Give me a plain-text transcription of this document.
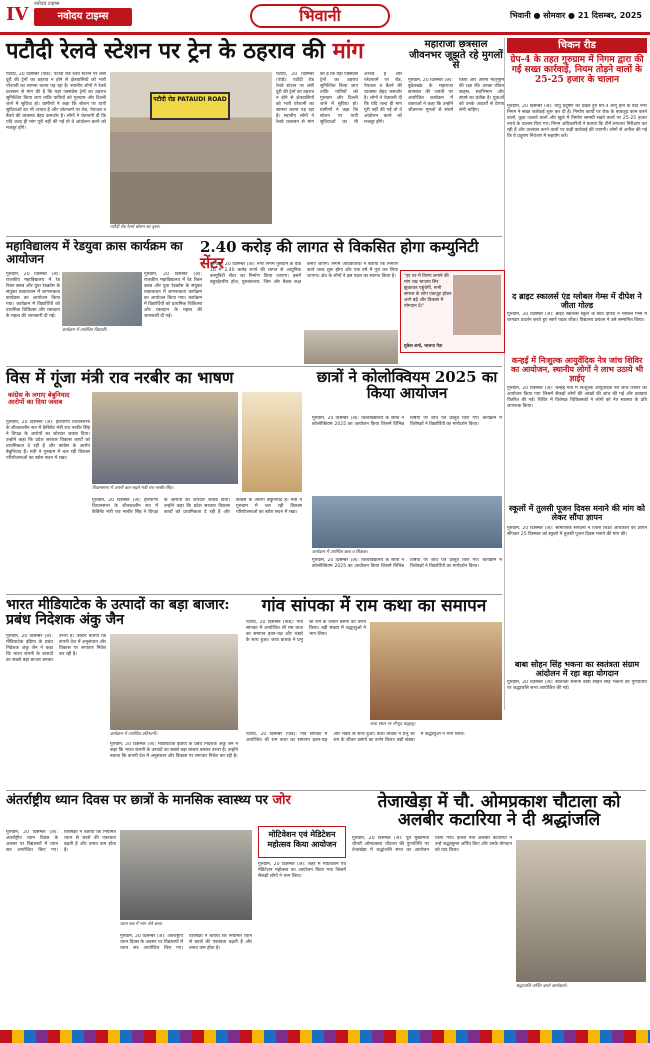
IV नवोदय टाइम्स
नवोदय टाइम्स	भिवानी	भिवानी ● सोमवार ● 21 दिसम्बर, 2025
पटौदी रेलवे स्टेशन पर ट्रेन के ठहराव की मांग
पटौदी, 20 दिसम्बर (पांडे): पटौदी रोड रेलवे स्टेशन पर लंबी दूरी की ट्रेनों का ठहराव न होने से क्षेत्रवासियों को भारी परेशानी का सामना करना पड़ रहा है। स्थानीय लोगों ने रेलवे प्रशासन से मांग की है कि यहां एक्सप्रेस ट्रेनों का ठहराव सुनिश्चित किया जाए ताकि यात्रियों को गुरुग्राम और दिल्ली जाने में सुविधा हो। ग्रामीणों ने कहा कि स्टेशन पर यात्री सुविधाओं का भी अभाव है और प्लेटफार्म पर शेड, पेयजल व बैठने की व्यवस्था बेहद कमजोर है। लोगों ने चेतावनी दी कि यदि जल्द ही मांग पूरी नहीं की गई तो वे आंदोलन करने को मजबूर होंगे।
पटौदी रोड PATAUDI ROAD
पटौदी रोड रेलवे स्टेशन का दृश्य।
पटौदी, 20 दिसम्बर (पांडे): पटौदी रोड रेलवे स्टेशन पर लंबी दूरी की ट्रेनों का ठहराव न होने से क्षेत्रवासियों को भारी परेशानी का सामना करना पड़ रहा है। स्थानीय लोगों ने रेलवे प्रशासन से मांग की है कि यहां एक्सप्रेस ट्रेनों का ठहराव सुनिश्चित किया जाए ताकि यात्रियों को गुरुग्राम और दिल्ली जाने में सुविधा हो। ग्रामीणों ने कहा कि स्टेशन पर यात्री सुविधाओं का भी अभाव है और प्लेटफार्म पर शेड, पेयजल व बैठने की व्यवस्था बेहद कमजोर है। लोगों ने चेतावनी दी कि यदि जल्द ही मांग पूरी नहीं की गई तो वे आंदोलन करने को मजबूर होंगे।
महाराजा छत्रसाल जीवनभर जूझते रहे मुगलों से
गुरुग्राम, 20 दिसम्बर (अ): बुंदेलखंड के महाराजा छत्रसाल की जयंती पर आयोजित कार्यक्रम में वक्ताओं ने कहा कि उन्होंने जीवनभर मुगलों से संघर्ष किया और अपनी मातृभूमि की रक्षा की। उनका जीवन साहस, स्वाभिमान और संघर्ष का प्रतीक है। युवाओं को उनके आदर्शों से प्रेरणा लेनी चाहिए।
चिकन रीड
ग्रेप-4 के तहत गुरुग्राम में निगम द्वारा की गई सख्त कार्रवाई, नियम तोड़ने वालों के 25-25 हजार के चालान
गुरुग्राम, 20 दिसम्बर (अ): वायु प्रदूषण को देखते हुए ग्रेप-4 लागू होने के बाद नगर निगम ने सख्त कार्रवाई शुरू कर दी है। निर्माण कार्यों पर रोक के बावजूद काम करने वालों, कूड़ा जलाने वालों और खुले में निर्माण सामग्री रखने वालों पर 25-25 हजार रुपये के चालान किए गए। निगम अधिकारियों ने बताया कि टीमें लगातार निरीक्षण कर रही हैं और उल्लंघन करने वालों पर कड़ी कार्रवाई की जाएगी। लोगों से अपील की गई कि वे प्रदूषण नियंत्रण में सहयोग करें।
द ब्राइट स्कालर्स एंड ग्लोबल गेम्स में दीपेश ने जीता गोल्ड
गुरुग्राम, 20 दिसम्बर (अ): ब्राइट स्कालर्स स्कूल के छात्र दीपेश ने ग्लोबल गेम्स में शानदार प्रदर्शन करते हुए स्वर्ण पदक जीता। विद्यालय प्रबंधन ने उसे सम्मानित किया।
कन्हई में निःशुल्क आयुर्वेदिक नेत्र जांच शिविर का आयोजन, स्थानीय लोगों ने लाभ उठाये भी ज्ञाईए
गुरुग्राम, 20 दिसम्बर (अ): कन्हई गांव में निःशुल्क आयुर्वेदिक नेत्र जांच शिविर का आयोजन किया गया जिसमें सैकड़ों लोगों की आंखों की जांच की गई और दवाइयां वितरित की गईं। शिविर में विशेषज्ञ चिकित्सकों ने लोगों को नेत्र स्वास्थ्य के प्रति जागरूक किया।
स्कूलों में तुलसी पूजन दिवस मनाने की मांग को लेकर सौंपा ज्ञापन
गुरुग्राम, 20 दिसम्बर (अ): सामाजिक संगठनों ने जिला शिक्षा अधिकारी को ज्ञापन सौंपकर 25 दिसम्बर को स्कूलों में तुलसी पूजन दिवस मनाने की मांग की।
बाबा सोहन सिंह भकना का स्वतंत्रता संग्राम आंदोलन में रहा बड़ा योगदान
गुरुग्राम, 20 दिसम्बर (अ): स्वतंत्रता सेनानी बाबा सोहन सिंह भकना की पुण्यतिथि पर श्रद्धांजलि सभा आयोजित की गई।
2.40 करोड़ की लागत से विकसित होगा कम्युनिटी सेंटर
गुरुग्राम, 20 दिसम्बर (अ): नगर निगम गुरुग्राम के वार्ड 16 में 2.40 करोड़ रुपये की लागत से आधुनिक कम्युनिटी सेंटर का निर्माण किया जाएगा। इसमें बहुउद्देश्यीय हॉल, पुस्तकालय, जिम और बैठक कक्ष बनाए जाएंगे। निगम अधिकारियों ने बताया कि निर्माण कार्य जल्द शुरू होगा और एक वर्ष में पूरा कर लिया जाएगा। क्षेत्र के लोगों ने इस पहल का स्वागत किया है।
महाविद्यालय में रेडयुवा क्रास कार्यक्रम का आयोजन
गुरुग्राम, 20 दिसम्बर (अ): राजकीय महाविद्यालय में रेड रिबन क्लब और युवा रेडक्रॉस के संयुक्त तत्वावधान में जागरूकता कार्यक्रम का आयोजन किया गया। कार्यक्रम में विद्यार्थियों को प्राथमिक चिकित्सा और रक्तदान के महत्व की जानकारी दी गई।
कार्यक्रम में उपस्थित विद्यार्थी।
गुरुग्राम, 20 दिसम्बर (अ): राजकीय महाविद्यालय में रेड रिबन क्लब और युवा रेडक्रॉस के संयुक्त तत्वावधान में जागरूकता कार्यक्रम का आयोजन किया गया। कार्यक्रम में विद्यार्थियों को प्राथमिक चिकित्सा और रक्तदान के महत्व की जानकारी दी गई।
"हर घर में तिरंगा लगाने की मांग रख भाजपा सिर झुकाकर पहुंचेगी, सभी समाज के लोग एकजुट होकर आगे बढ़ें और विकास में योगदान दें।"
मुकेश शर्मा, भाजपा नेता
विस में गूंजा मंत्री राव नरबीर का भाषण
कांग्रेस के लगाए बेबुनियाद आरोपों का दिया जवाब
गुरुग्राम, 20 दिसम्बर (अ): हरियाणा विधानसभा के शीतकालीन सत्र में कैबिनेट मंत्री राव नरबीर सिंह ने विपक्ष के आरोपों का जोरदार जवाब दिया। उन्होंने कहा कि प्रदेश सरकार विकास कार्यों को प्राथमिकता दे रही है और कांग्रेस के आरोप बेबुनियाद हैं। मंत्री ने गुरुग्राम में चल रही विकास परियोजनाओं का ब्योरा सदन में रखा।
विधानसभा में अपनी बात रखते मंत्री राव नरबीर सिंह।
गुरुग्राम, 20 दिसम्बर (अ): हरियाणा विधानसभा के शीतकालीन सत्र में कैबिनेट मंत्री राव नरबीर सिंह ने विपक्ष के आरोपों का जोरदार जवाब दिया। उन्होंने कहा कि प्रदेश सरकार विकास कार्यों को प्राथमिकता दे रही है और कांग्रेस के आरोप बेबुनियाद हैं। मंत्री ने गुरुग्राम में चल रही विकास परियोजनाओं का ब्योरा सदन में रखा।
छात्रों ने कोलोक्वियम 2025 का किया आयोजन
गुरुग्राम, 20 दिसम्बर (अ): विश्वविद्यालय के छात्रों ने कोलोक्वियम 2025 का आयोजन किया जिसमें विभिन्न विषयों पर शोध पत्र प्रस्तुत किए गए। कार्यक्रम में विशेषज्ञों ने विद्यार्थियों का मार्गदर्शन किया।
कार्यक्रम में उपस्थित छात्र व शिक्षक।
गुरुग्राम, 20 दिसम्बर (अ): विश्वविद्यालय के छात्रों ने कोलोक्वियम 2025 का आयोजन किया जिसमें विभिन्न विषयों पर शोध पत्र प्रस्तुत किए गए। कार्यक्रम में विशेषज्ञों ने विद्यार्थियों का मार्गदर्शन किया।
भारत मीडियाटेक के उत्पादों का बड़ा बाजार: प्रबंध निदेशक अंकु जैन
गुरुग्राम, 20 दिसम्बर (अ): मीडियाटेक इंडिया के प्रबंध निदेशक अंकु जैन ने कहा कि भारत कंपनी के उत्पादों का सबसे बड़ा बाजार बनकर उभरा है। उन्होंने बताया कि कंपनी देश में अनुसंधान और विकास पर लगातार निवेश कर रही है।
कार्यक्रम में उपस्थित प्रतिभागी।
गुरुग्राम, 20 दिसम्बर (अ): मीडियाटेक इंडिया के प्रबंध निदेशक अंकु जैन ने कहा कि भारत कंपनी के उत्पादों का सबसे बड़ा बाजार बनकर उभरा है। उन्होंने बताया कि कंपनी देश में अनुसंधान और विकास पर लगातार निवेश कर रही है।
गांव सांपका में राम कथा का समापन
पटौदी, 20 दिसम्बर (पांडे): गांव सांपका में आयोजित श्री राम कथा का समापन हवन-यज्ञ और भंडारे के साथ हुआ। कथा वाचक ने प्रभु श्री राम के जीवन प्रसंगों का वर्णन किया। बड़ी संख्या में श्रद्धालुओं ने भाग लिया।
कथा स्थल पर मौजूद श्रद्धालु।
पटौदी, 20 दिसम्बर (पांडे): गांव सांपका में आयोजित श्री राम कथा का समापन हवन-यज्ञ और भंडारे के साथ हुआ। कथा वाचक ने प्रभु श्री राम के जीवन प्रसंगों का वर्णन किया। बड़ी संख्या में श्रद्धालुओं ने भाग लिया।
अंतर्राष्ट्रीय ध्यान दिवस पर छात्रों के मानसिक स्वास्थ्य पर जोर
गुरुग्राम, 20 दिसम्बर (अ): अंतर्राष्ट्रीय ध्यान दिवस के अवसर पर विद्यालयों में ध्यान सत्र आयोजित किए गए। विशेषज्ञों ने बताया कि नियमित ध्यान से छात्रों की एकाग्रता बढ़ती है और तनाव कम होता है।
ध्यान सत्र में भाग लेते छात्र।
गुरुग्राम, 20 दिसम्बर (अ): अंतर्राष्ट्रीय ध्यान दिवस के अवसर पर विद्यालयों में ध्यान सत्र आयोजित किए गए। विशेषज्ञों ने बताया कि नियमित ध्यान से छात्रों की एकाग्रता बढ़ती है और तनाव कम होता है।
मोटिवेशन एवं मेडिटेशन महोत्सव किया आयोजन
गुरुग्राम, 20 दिसम्बर (अ): शहर में मोटिवेशन एवं मेडिटेशन महोत्सव का आयोजन किया गया जिसमें सैकड़ों लोगों ने भाग लिया।
तेजाखेड़ा में चौ. ओमप्रकाश चौटाला को अलबीर कटारिया ने दी श्रद्धांजलि
गुरुग्राम, 20 दिसम्बर (अ): पूर्व मुख्यमंत्री चौधरी ओमप्रकाश चौटाला की पुण्यतिथि पर तेजाखेड़ा में श्रद्धांजलि सभा का आयोजन किया गया। इनेलो नेता अलबीर कटारिया ने उन्हें श्रद्धासुमन अर्पित किए और उनके योगदान को याद किया।
श्रद्धांजलि अर्पित करते कार्यकर्ता।
